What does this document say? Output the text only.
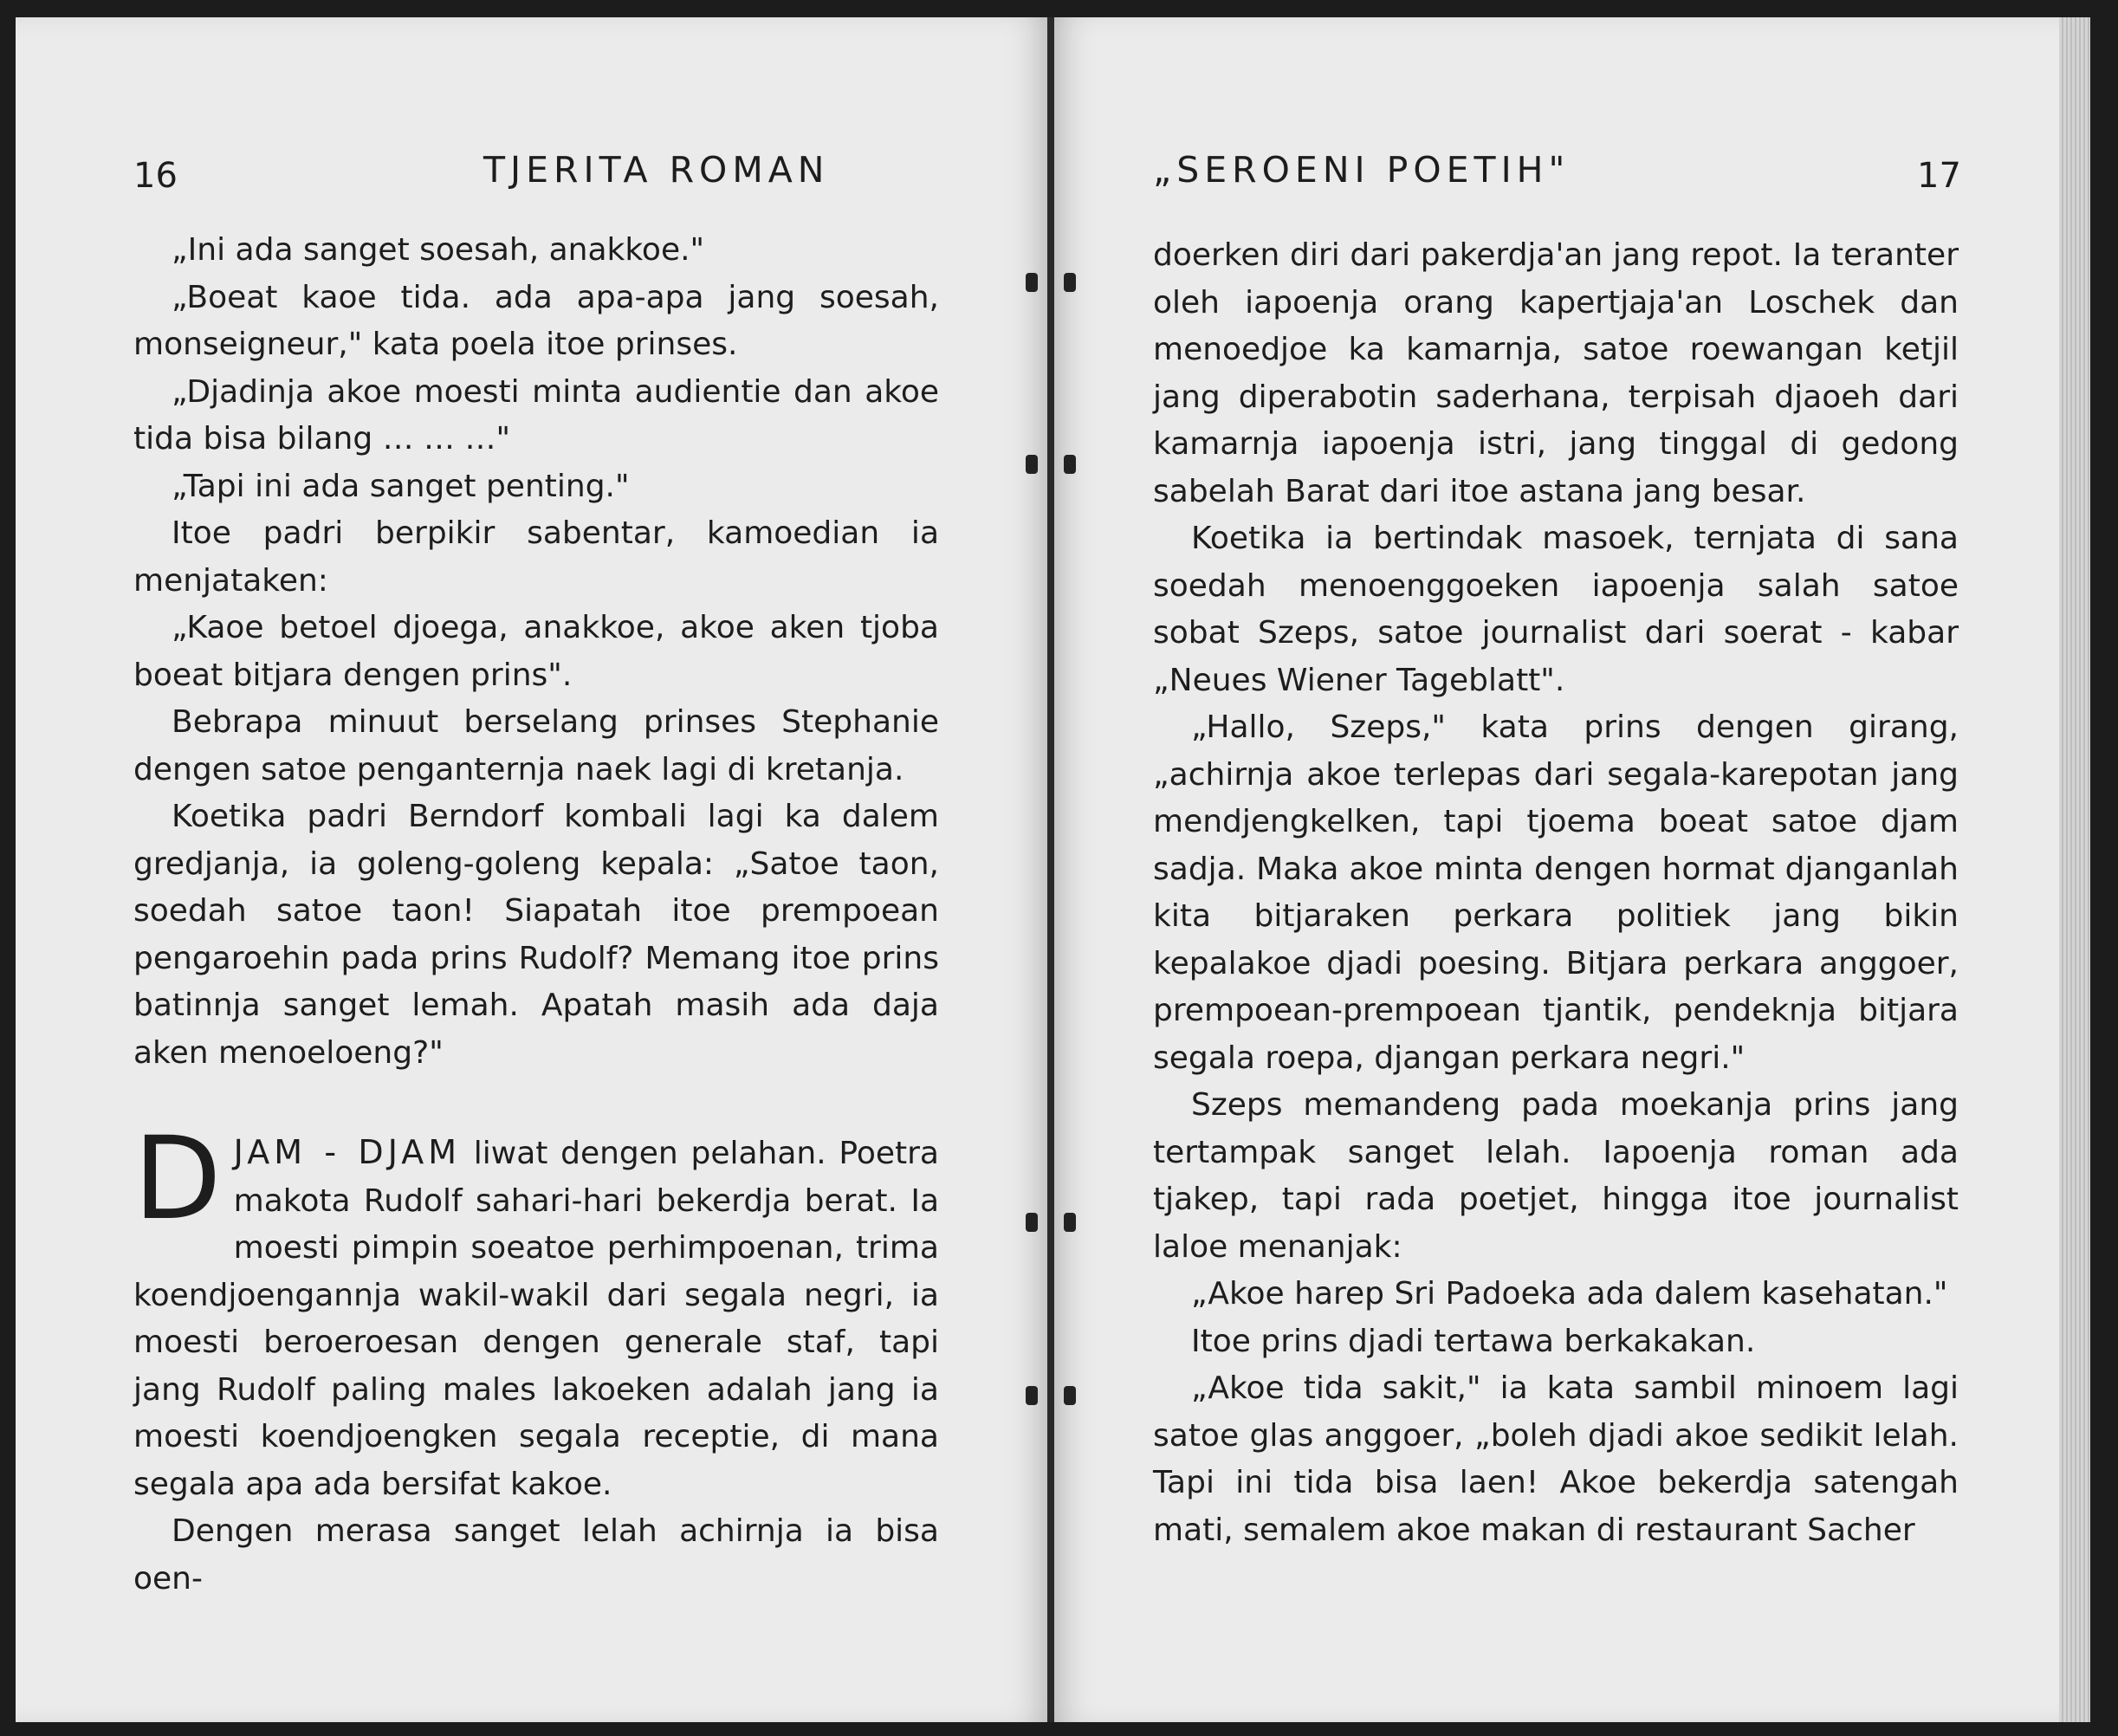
16	TJERITA ROMAN

„Ini ada sanget soesah, anakkoe."

„Boeat kaoe tida. ada apa-apa jang soesah, monseigneur," kata poela itoe prinses.

„Djadinja akoe moesti minta audientie dan akoe tida bisa bilang … … …"

„Tapi ini ada sanget penting."

Itoe padri berpikir sabentar, kamoedian ia menjataken:

„Kaoe betoel djoega, anakkoe, akoe aken tjoba boeat bitjara dengen prins".

Bebrapa minuut berselang prinses Stephanie dengen satoe penganternja naek lagi di kretanja.

Koetika padri Berndorf kombali lagi ka dalem gredjanja, ia goleng-goleng kepala: „Satoe taon, soedah satoe taon! Siapatah itoe prempoean pengaroehin pada prins Rudolf? Memang itoe prins batinnja sanget lemah. Apatah masih ada daja aken menoeloeng?"

DJAM - DJAM liwat dengen pelahan. Poetra makota Rudolf sahari-hari bekerdja berat. Ia moesti pimpin soeatoe perhimpoenan, trima koendjoengannja wakil-wakil dari segala negri, ia moesti beroeroesan dengen generale staf, tapi jang Rudolf paling males lakoeken adalah jang ia moesti koendjoengken segala receptie, di mana segala apa ada bersifat kakoe.

Dengen merasa sanget lelah achirnja ia bisa oen-

„SEROENI POETIH"	17

doerken diri dari pakerdja'an jang repot. Ia teranter oleh iapoenja orang kapertjaja'an Loschek dan menoedjoe ka kamarnja, satoe roewangan ketjil jang diperabotin saderhana, terpisah djaoeh dari kamarnja iapoenja istri, jang tinggal di gedong sabelah Barat dari itoe astana jang besar.

Koetika ia bertindak masoek, ternjata di sana soedah menoenggoeken iapoenja salah satoe sobat Szeps, satoe journalist dari soerat - kabar „Neues Wiener Tageblatt".

„Hallo, Szeps," kata prins dengen girang, „achirnja akoe terlepas dari segala-karepotan jang mendjengkelken, tapi tjoema boeat satoe djam sadja. Maka akoe minta dengen hormat djanganlah kita bitjaraken perkara politiek jang bikin kepalakoe djadi poesing. Bitjara perkara anggoer, prempoean-prempoean tjantik, pendeknja bitjara segala roepa, djangan perkara negri."

Szeps memandeng pada moekanja prins jang tertampak sanget lelah. Iapoenja roman ada tjakep, tapi rada poetjet, hingga itoe journalist laloe menanjak:

„Akoe harep Sri Padoeka ada dalem kasehatan."

Itoe prins djadi tertawa berkakakan.

„Akoe tida sakit," ia kata sambil minoem lagi satoe glas anggoer, „boleh djadi akoe sedikit lelah. Tapi ini tida bisa laen! Akoe bekerdja satengah mati, semalem akoe makan di restaurant Sacher
